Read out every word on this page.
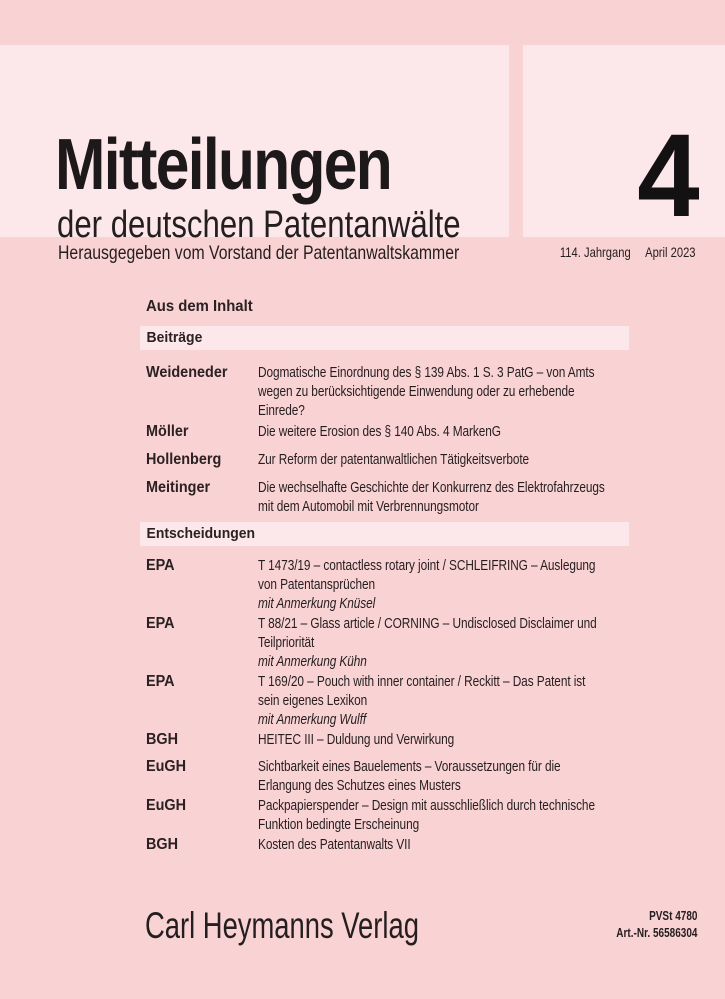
Mitteilungen
der deutschen Patentanwälte
Herausgegeben vom Vorstand der Patentanwaltskammer
4
114. Jahrgang April 2023
Aus dem Inhalt
Beiträge
Weideneder Dogmatische Einordnung des § 139 Abs. 1 S. 3 PatG – von Amts
wegen zu berücksichtigende Einwendung oder zu erhebende
Einrede?
Möller	Die weitere Erosion des § 140 Abs. 4 MarkenG
Hollenberg Zur Reform der patentanwaltlichen Tätigkeitsverbote
Meitinger	Die wechselhafte Geschichte der Konkurrenz des Elektrofahrzeugs
mit dem Automobil mit Verbrennungsmotor
Entscheidungen
EPA	T 1473/19 – contactless rotary joint / SCHLEIFRING – Auslegung
von Patentansprüchen
mit Anmerkung Knüsel
EPA	T 88/21 – Glass article / CORNING – Undisclosed Disclaimer und
Teilpriorität
mit Anmerkung Kühn
EPA	T 169/20 – Pouch with inner container / Reckitt – Das Patent ist
sein eigenes Lexikon
mit Anmerkung Wulff
BGH	HEITEC III – Duldung und Verwirkung
EuGH	Sichtbarkeit eines Bauelements – Voraussetzungen für die
Erlangung des Schutzes eines Musters
EuGH	Packpapierspender – Design mit ausschließlich durch technische
Funktion bedingte Erscheinung
BGH	Kosten des Patentanwalts VII
Carl Heymanns Verlag	PVSt 4780
Art.-Nr. 56586304
